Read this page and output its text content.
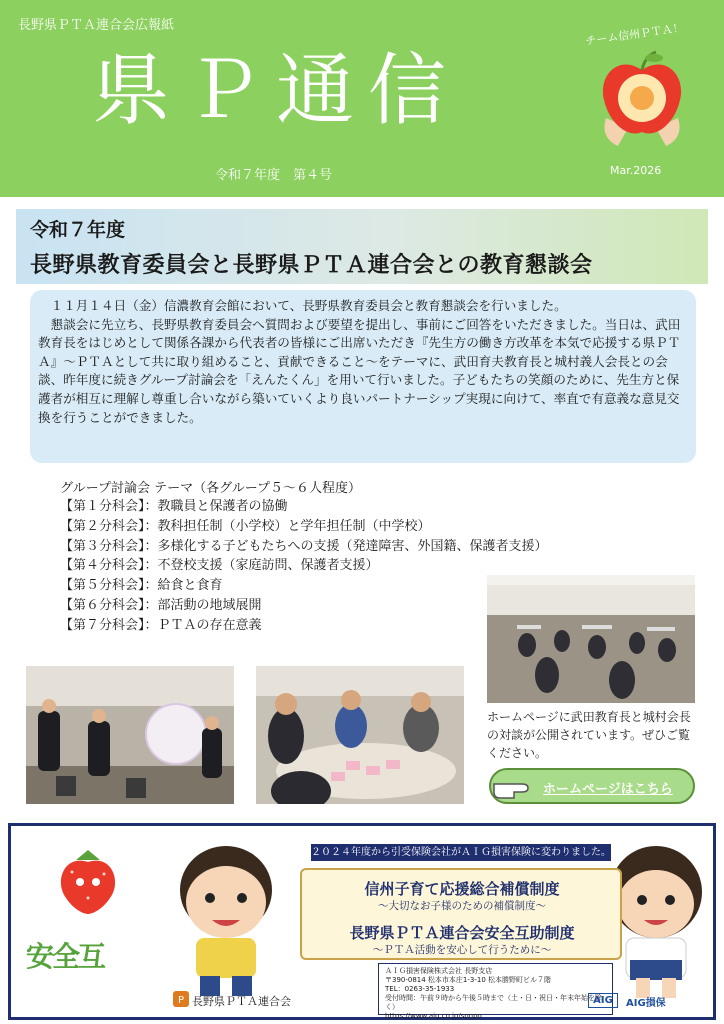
長野県ＰＴＡ連合会広報紙
県Ｐ通信
令和７年度　第４号
チーム信州ＰＴＡ！
Mar.2026
令和７年度
長野県教育委員会と長野県ＰＴＡ連合会との教育懇談会

　１１月１４日（金）信濃教育会館において、長野県教育委員会と教育懇談会を行いました。

　懇談会に先立ち、長野県教育委員会へ質問および要望を提出し、事前にご回答をいただきました。当日は、武田教育長をはじめとして関係各課から代表者の皆様にご出席いただき『先生方の働き方改革を本気で応援する県ＰＴＡ』〜ＰＴＡとして共に取り組めること、貢献できること〜をテーマに、武田育夫教育長と城村義人会長との会談、昨年度に続きグループ討論会を「えんたくん」を用いて行いました。子どもたちの笑顔のために、先生方と保護者が相互に理解し尊重し合いながら築いていくより良いパートナーシップ実現に向けて、率直で有意義な意見交換を行うことができました。

グループ討論会 テーマ（各グループ５〜６人程度）
【第１分科会】：教職員と保護者の協働
【第２分科会】：教科担任制（小学校）と学年担任制（中学校）
【第３分科会】：多様化する子どもたちへの支援（発達障害、外国籍、保護者支援）
【第４分科会】：不登校支援（家庭訪問、保護者支援）
【第５分科会】：給食と食育
【第６分科会】：部活動の地域展開
【第７分科会】：ＰＴＡの存在意義
ホームページに武田教育長と城村会長の対談が公開されています。ぜひご覧ください。
ホームページはこちら
安全互
２０２４年度から引受保険会社がＡＩＧ損害保険に変わりました。
信州子育て応援総合補償制度
〜大切なお子様のための補償制度〜
長野県ＰＴＡ連合会安全互助制度
〜ＰＴＡ活動を安心して行うために〜
ＡＩＧ損害保険株式会社 長野支店
〒390-0814 松本市本庄1-3-10 松本勝野町ビル７階
TEL：0263-35-1933
受付時間：午前９時から午後５時まで（土・日・祝日・年末年始を除く）
https://www.aig.co.jp/sonpo
P 長野県ＰＴＡ連合会	AIG	AIG損保
